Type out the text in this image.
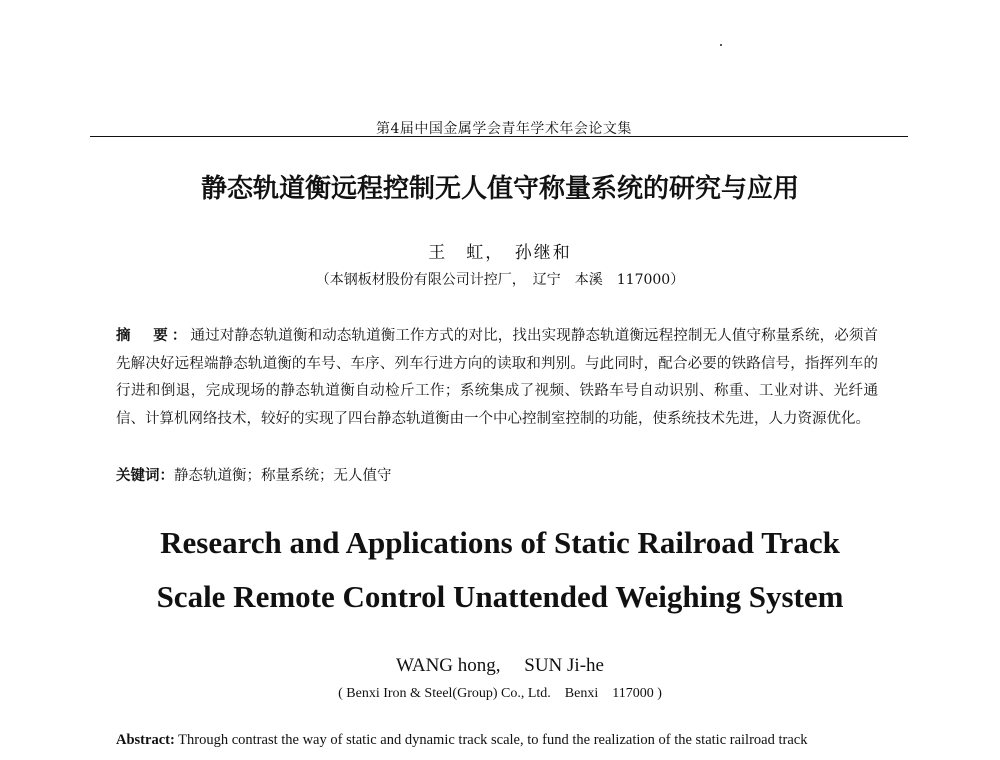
第4届中国金属学会青年学术年会论文集
静态轨道衡远程控制无人值守称量系统的研究与应用
王　虹，　孙继和
（本钢板材股份有限公司计控厂，　辽宁　本溪　117000）
摘　要：通过对静态轨道衡和动态轨道衡工作方式的对比，找出实现静态轨道衡远程控制无人值守称量系统，必须首先解决好远程端静态轨道衡的车号、车序、列车行进方向的读取和判别。与此同时，配合必要的铁路信号，指挥列车的行进和倒退，完成现场的静态轨道衡自动检斤工作；系统集成了视频、铁路车号自动识别、称重、工业对讲、光纤通信、计算机网络技术，较好的实现了四台静态轨道衡由一个中心控制室控制的功能，使系统技术先进，人力资源优化。
关键词：静态轨道衡；称量系统；无人值守
Research and Applications of Static Railroad Track
Scale Remote Control Unattended Weighing System
WANG hong,　 SUN Ji-he
( Benxi Iron & Steel(Group) Co., Ltd.　Benxi　117000 )
Abstract: Through contrast the way of static and dynamic track scale, to fund the realization of the static railroad track
